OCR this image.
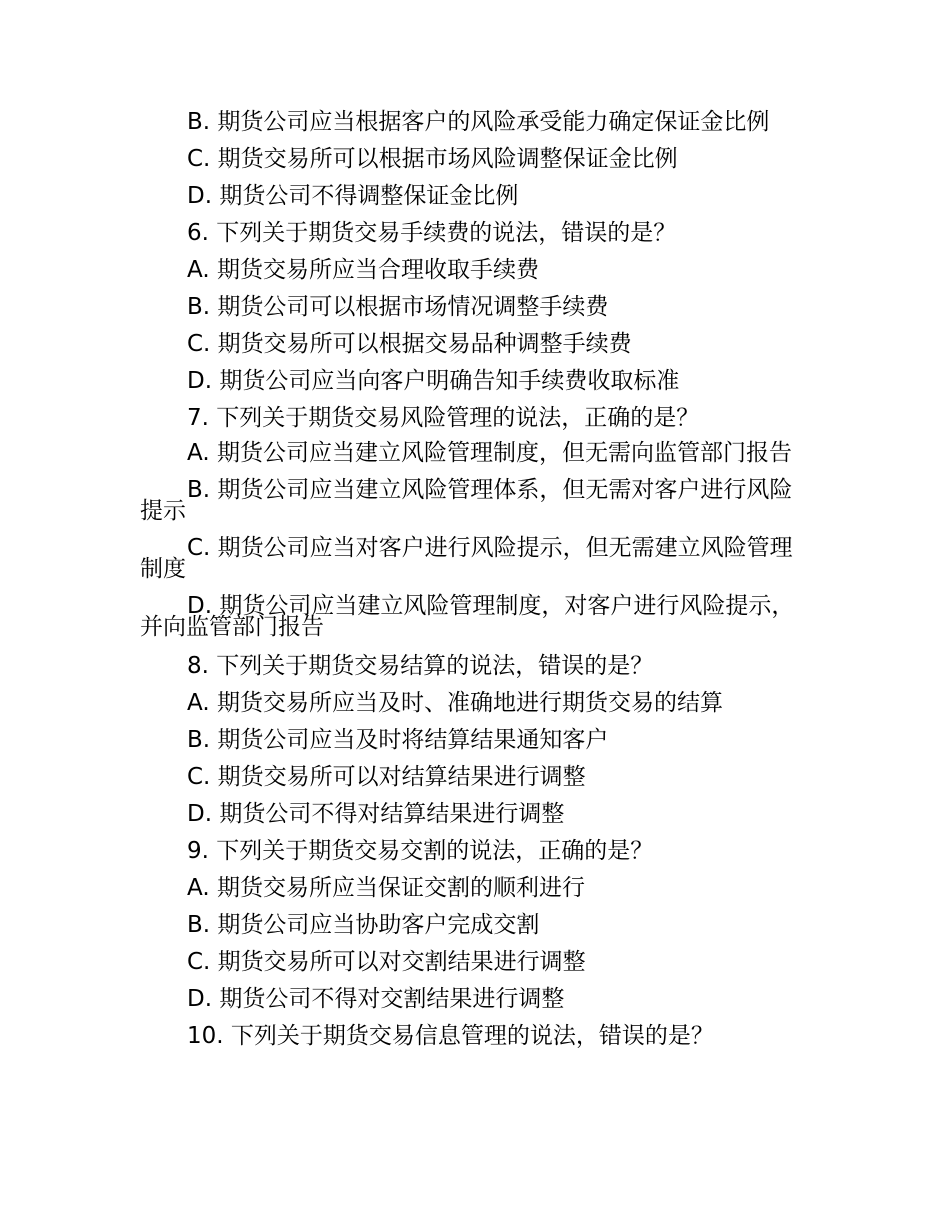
B. 期货公司应当根据客户的风险承受能力确定保证金比例

C. 期货交易所可以根据市场风险调整保证金比例

D. 期货公司不得调整保证金比例

6. 下列关于期货交易手续费的说法，错误的是？

A. 期货交易所应当合理收取手续费

B. 期货公司可以根据市场情况调整手续费

C. 期货交易所可以根据交易品种调整手续费

D. 期货公司应当向客户明确告知手续费收取标准

7. 下列关于期货交易风险管理的说法，正确的是？

A. 期货公司应当建立风险管理制度，但无需向监管部门报告

B. 期货公司应当建立风险管理体系，但无需对客户进行风险提示

C. 期货公司应当对客户进行风险提示，但无需建立风险管理制度

D. 期货公司应当建立风险管理制度，对客户进行风险提示，并向监管部门报告

8. 下列关于期货交易结算的说法，错误的是？

A. 期货交易所应当及时、准确地进行期货交易的结算

B. 期货公司应当及时将结算结果通知客户

C. 期货交易所可以对结算结果进行调整

D. 期货公司不得对结算结果进行调整

9. 下列关于期货交易交割的说法，正确的是？

A. 期货交易所应当保证交割的顺利进行

B. 期货公司应当协助客户完成交割

C. 期货交易所可以对交割结果进行调整

D. 期货公司不得对交割结果进行调整

10. 下列关于期货交易信息管理的说法，错误的是？
